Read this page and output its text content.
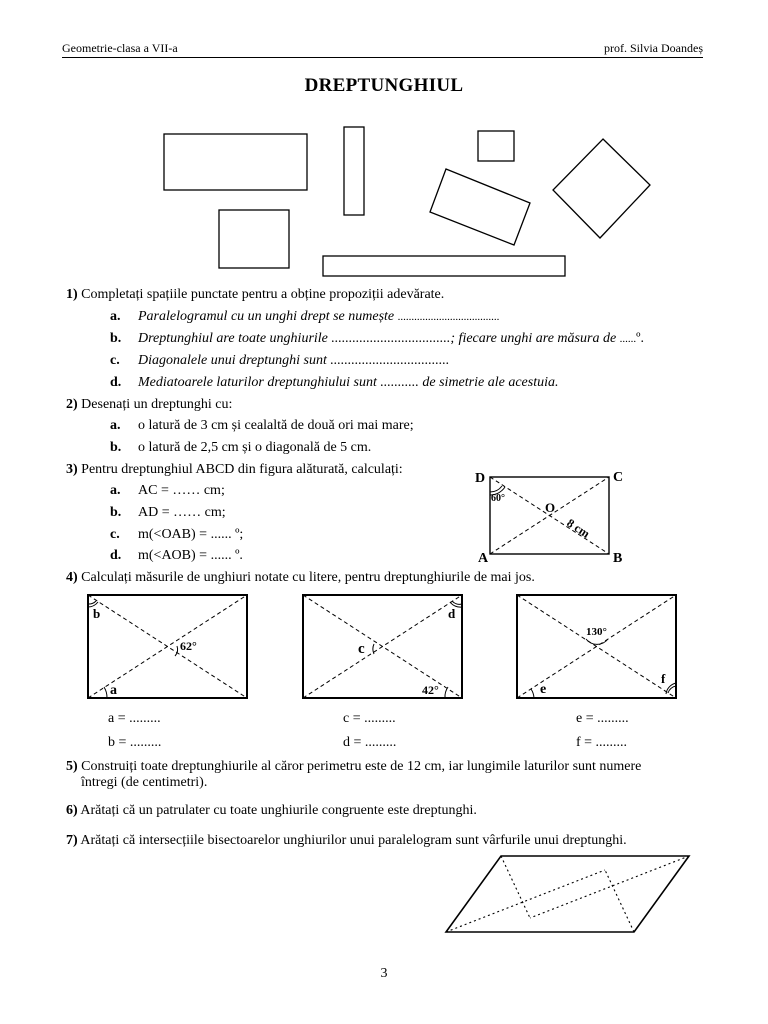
Geometrie-clasa a VII-a	prof. Silvia Doandeș
DREPTUNGHIUL
1) Completați spațiile punctate pentru a obține propoziții adevărate.
a. Paralelogramul cu un unghi drept se numește .....................................
b. Dreptunghiul are toate unghiurile ..................................; fiecare unghi are măsura de ......º.
c. Diagonalele unui dreptunghi sunt ..................................
d. Mediatoarele laturilor dreptunghiului sunt ........... de simetrie ale acestuia.
2) Desenați un dreptunghi cu:
a. o latură de 3 cm și cealaltă de două ori mai mare;
b. o latură de 2,5 cm și o diagonală de 5 cm.
3) Pentru dreptunghiul ABCD din figura alăturată, calculați:
a. AC = …… cm;
b. AD = …… cm;
c. m(<OAB) = ...... º;
d. m(<AOB) = ...... º.
D	C
A	B
O
60°
8 cm
4) Calculați măsurile de unghiuri notate cu litere, pentru dreptunghiurile de mai jos.
b
62°
a
d
c
42°
130°
f
e
a = .........
b = .........
c = .........
d = .........
e = .........
f = .........
5) Construiți toate dreptunghiurile al căror perimetru este de 12 cm, iar lungimile laturilor sunt numere
întregi (de centimetri).
6) Arătați că un patrulater cu toate unghiurile congruente este dreptunghi.
7) Arătați că intersecțiile bisectoarelor unghiurilor unui paralelogram sunt vârfurile unui dreptunghi.
3
